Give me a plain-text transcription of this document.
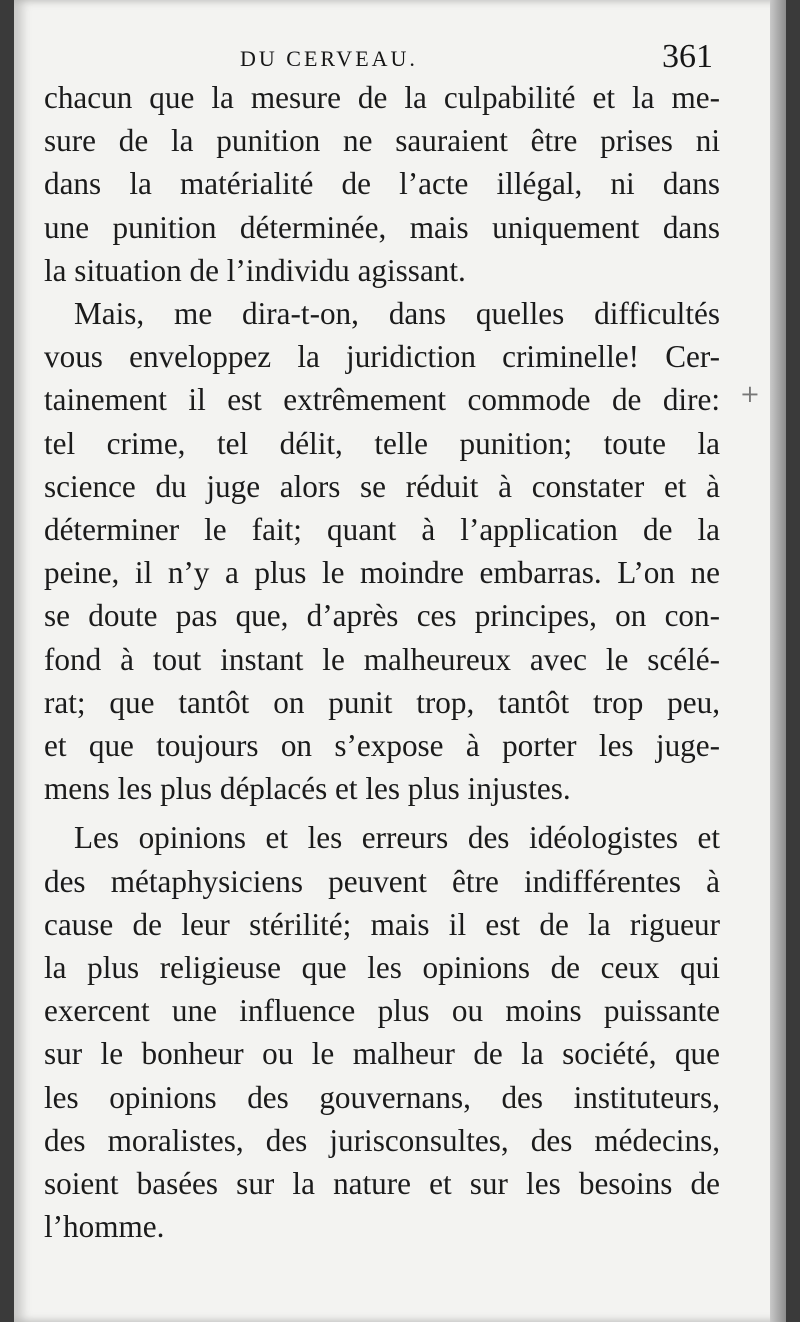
DU CERVEAU.	361
chacun que la mesure de la culpabilité et la me-
sure de la punition ne sauraient être prises ni
dans la matérialité de l’acte illégal, ni dans
une punition déterminée, mais uniquement dans
la situation de l’individu agissant.
Mais, me dira-t-on, dans quelles difficultés
vous enveloppez la juridiction criminelle! Cer-
tainement il est extrêmement commode de dire:
tel crime, tel délit, telle punition; toute la
science du juge alors se réduit à constater et à
déterminer le fait; quant à l’application de la
peine, il n’y a plus le moindre embarras. L’on ne
se doute pas que, d’après ces principes, on con-
fond à tout instant le malheureux avec le scélé-
rat; que tantôt on punit trop, tantôt trop peu,
et que toujours on s’expose à porter les juge-
mens les plus déplacés et les plus injustes.
Les opinions et les erreurs des idéologistes et
des métaphysiciens peuvent être indifférentes à
cause de leur stérilité; mais il est de la rigueur
la plus religieuse que les opinions de ceux qui
exercent une influence plus ou moins puissante
sur le bonheur ou le malheur de la société, que
les opinions des gouvernans, des instituteurs,
des moralistes, des jurisconsultes, des médecins,
soient basées sur la nature et sur les besoins de
l’homme.
+
